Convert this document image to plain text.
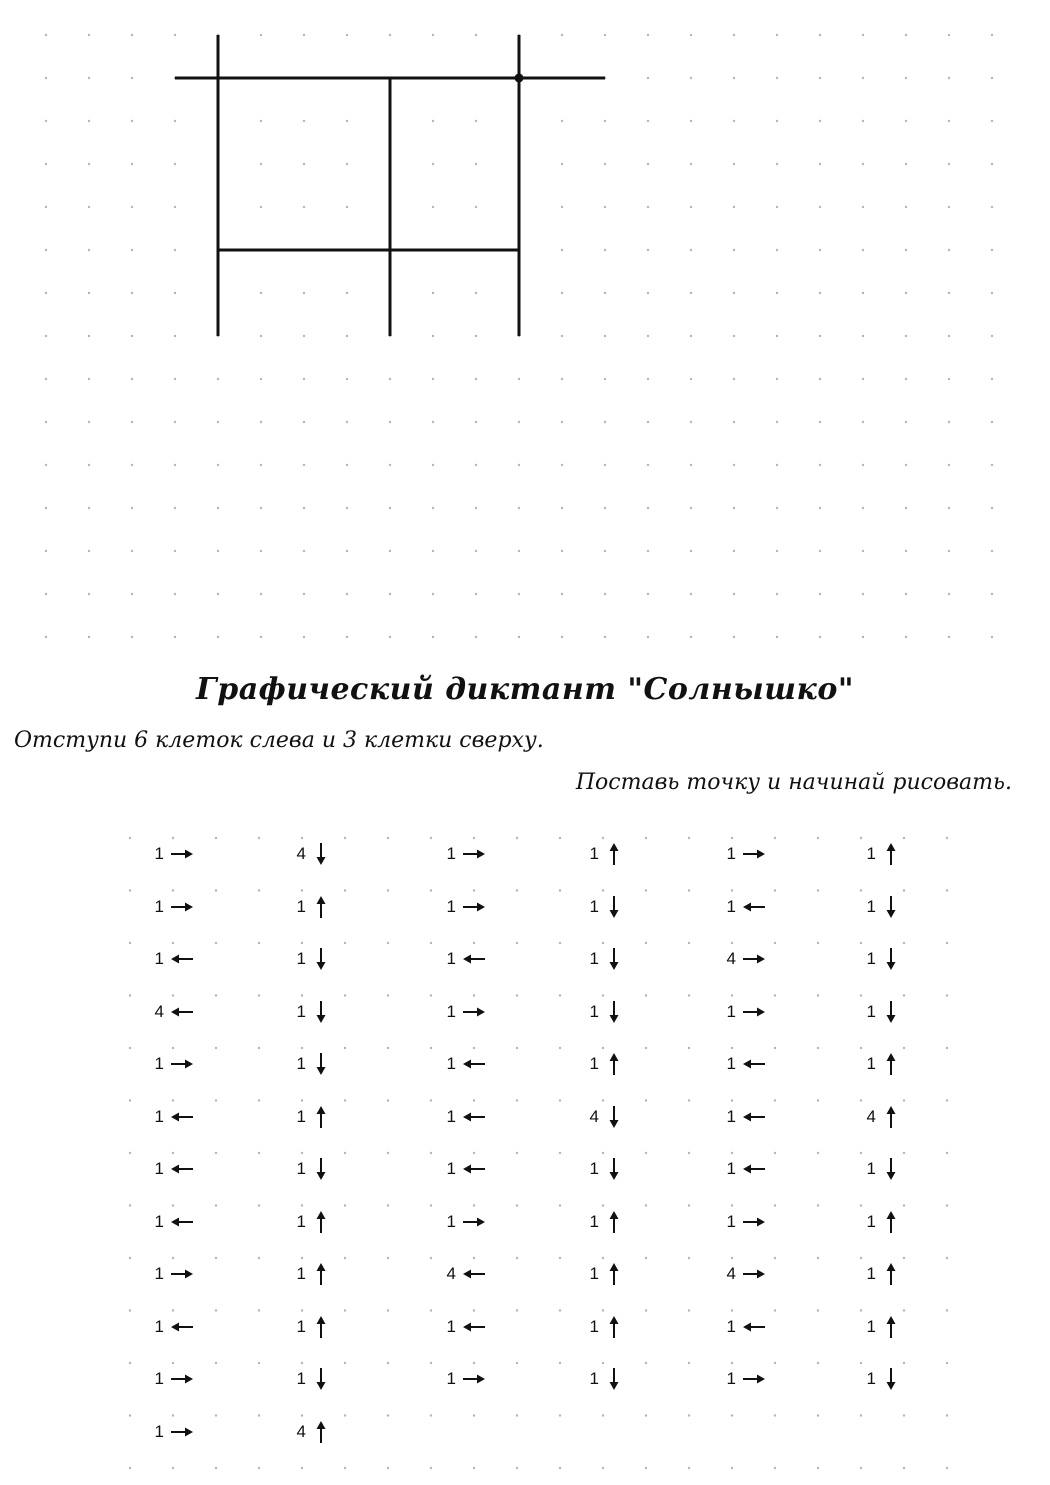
Графический диктант "Солнышко"
Отступи 6 клеток слева и 3 клетки сверху.
Поставь точку и начинай рисовать.
1
1
1
4
1
1
1
1
1
1
1
1
4
1
1
1
1
1
1
1
1
1
1
4
1
1
1
1
1
1
1
1
4
1
1
1
1
1
1
1
4
1
1
1
1
1
1
1
4
1
1
1
1
1
4
1
1
1
1
1
1
1
4
1
1
1
1
1
